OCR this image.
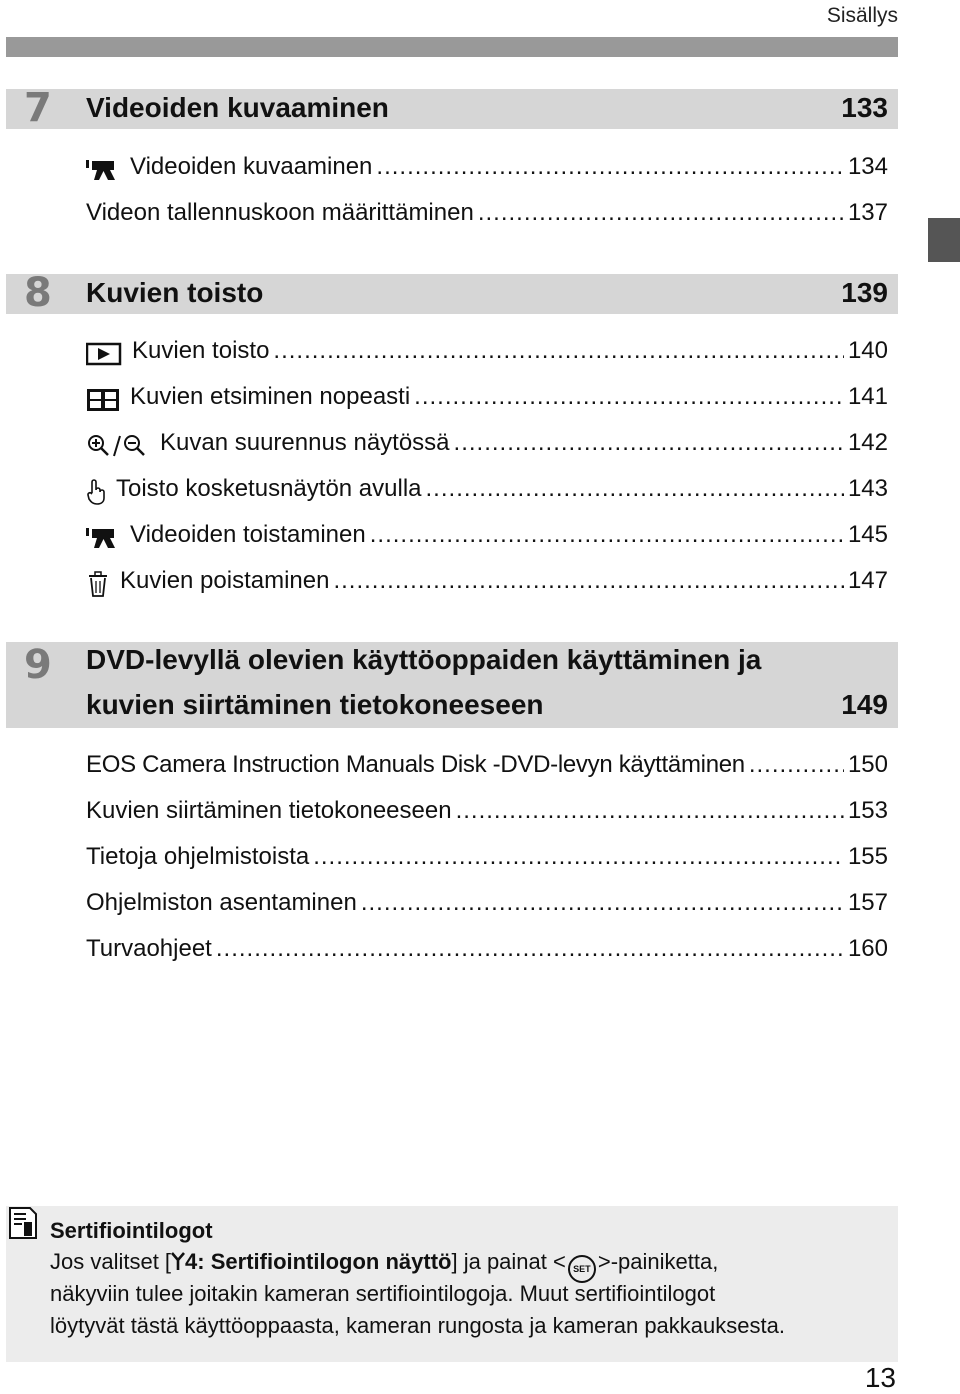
Sisällys
7 Videoiden kuvaaminen	133
Videoiden kuvaaminen .....	134
Videon tallennuskoon määrittäminen .....	137
8 Kuvien toisto	139
Kuvien toisto .....	140
Kuvien etsiminen nopeasti .....	141
Kuvan suurennus näytössä .....	142
Toisto kosketusnäytön avulla .....	143
Videoiden toistaminen .....	145
Kuvien poistaminen .....	147
9 DVD-levyllä olevien käyttöoppaiden käyttäminen ja
kuvien siirtäminen tietokoneeseen	149
EOS Camera Instruction Manuals Disk -DVD-levyn käyttäminen .....	150
Kuvien siirtäminen tietokoneeseen .....	153
Tietoja ohjelmistoista .....	155
Ohjelmiston asentaminen .....	157
Turvaohjeet .....	160
Sertifiointilogot
Jos valitset [ 4: Sertifiointilogon näyttö] ja painat < SET >-painiketta,
näkyviin tulee joitakin kameran sertifiointilogoja. Muut sertifiointilogot
löytyvät tästä käyttöoppaasta, kameran rungosta ja kameran pakkauksesta.
13
